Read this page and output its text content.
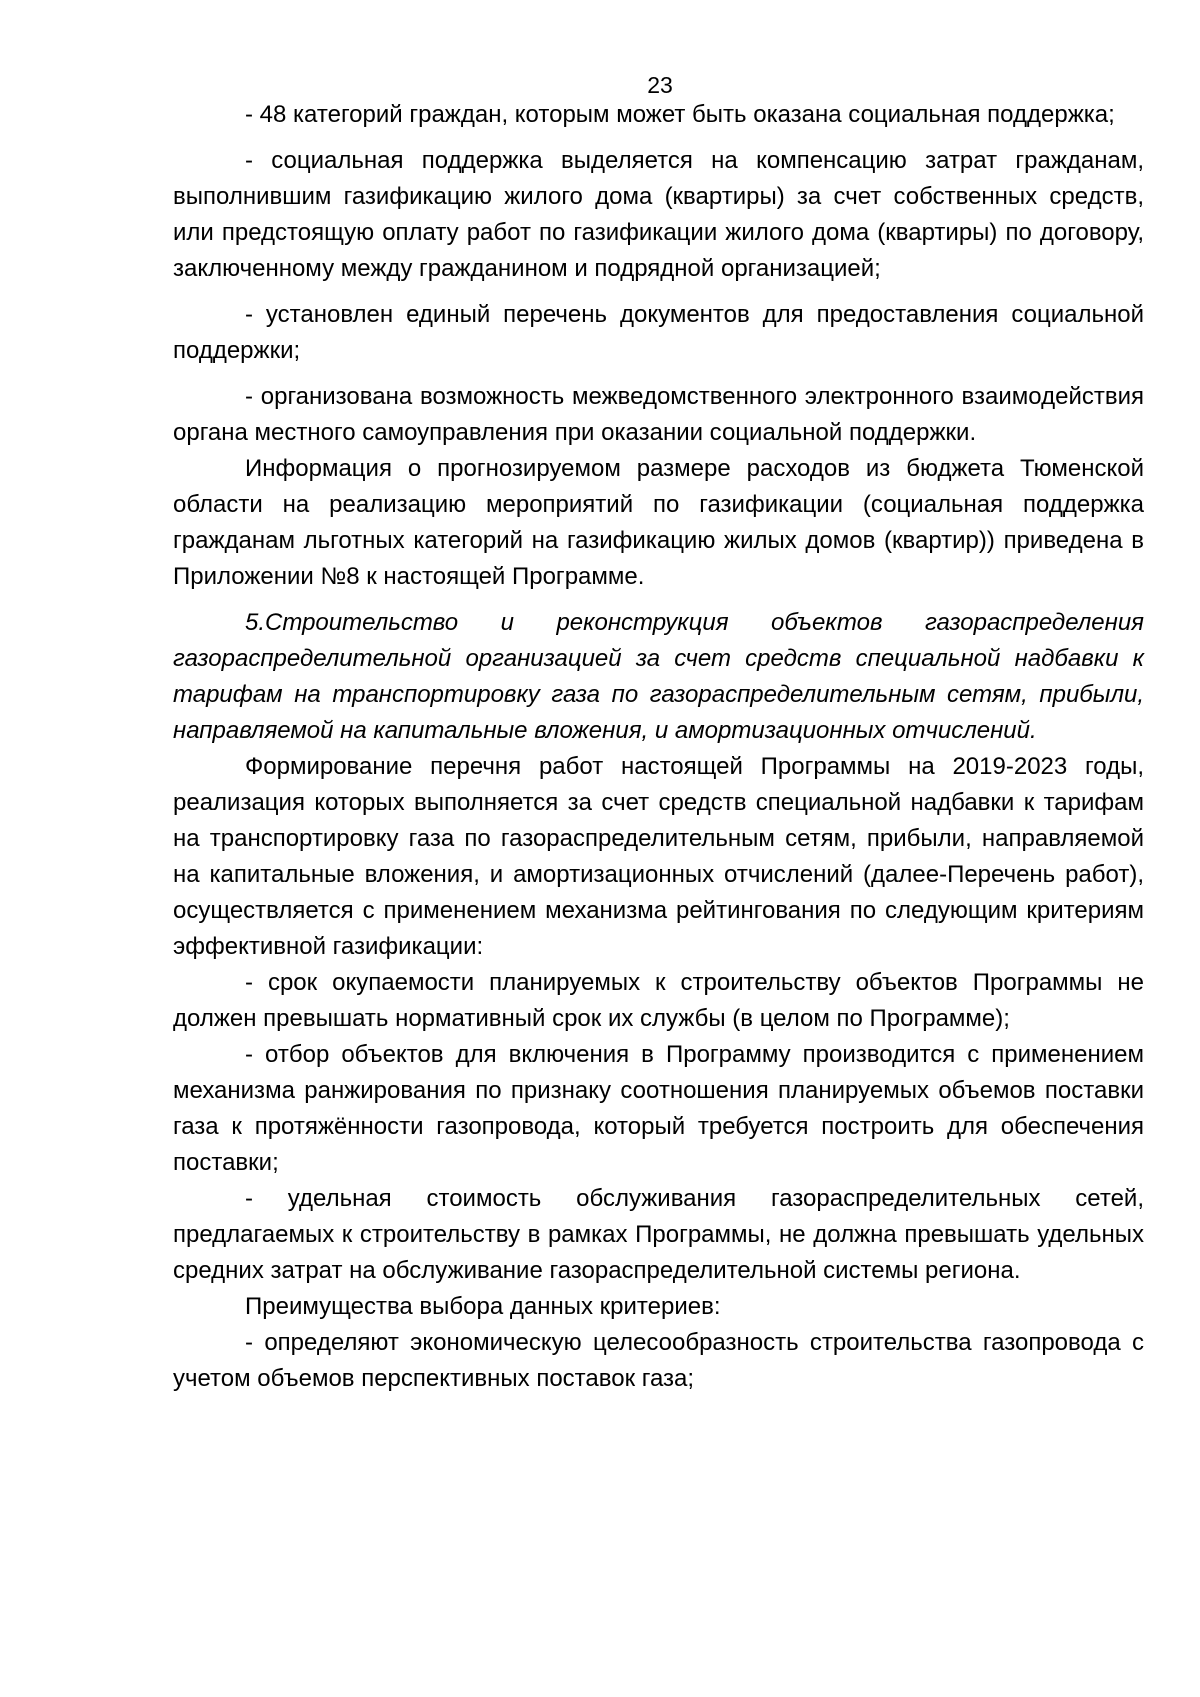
23

- 48 категорий граждан, которым может быть оказана социальная поддержка;

- социальная поддержка выделяется на компенсацию затрат гражданам, выполнившим газификацию жилого дома (квартиры) за счет собственных средств, или предстоящую оплату работ по газификации жилого дома (квартиры) по договору, заключенному между гражданином и подрядной организацией;

- установлен единый перечень документов для предоставления социальной поддержки;

- организована возможность межведомственного электронного взаимодействия органа местного самоуправления при оказании социальной поддержки.

Информация о прогнозируемом размере расходов из бюджета Тюменской области на реализацию мероприятий по газификации (социальная поддержка гражданам льготных категорий на газификацию жилых домов (квартир)) приведена в Приложении №8 к настоящей Программе.

5.Строительство и реконструкция объектов газораспределения газораспределительной организацией за счет средств специальной надбавки к тарифам на транспортировку газа по газораспределительным сетям, прибыли, направляемой на капитальные вложения, и амортизационных отчислений.

Формирование перечня работ настоящей Программы на 2019-2023 годы, реализация которых выполняется за счет средств специальной надбавки к тарифам на транспортировку газа по газораспределительным сетям, прибыли, направляемой на капитальные вложения, и амортизационных отчислений (далее-Перечень работ), осуществляется с применением механизма рейтингования по следующим критериям эффективной газификации:

- срок окупаемости планируемых к строительству объектов Программы не должен превышать нормативный срок их службы (в целом по Программе);

- отбор объектов для включения в Программу производится с применением механизма ранжирования по признаку соотношения планируемых объемов поставки газа к протяжённости газопровода, который требуется построить для обеспечения поставки;

- удельная стоимость обслуживания газораспределительных сетей, предлагаемых к строительству в рамках Программы, не должна превышать удельных средних затрат на обслуживание газораспределительной системы региона.

Преимущества выбора данных критериев:

- определяют экономическую целесообразность строительства газопровода с учетом объемов перспективных поставок газа;
